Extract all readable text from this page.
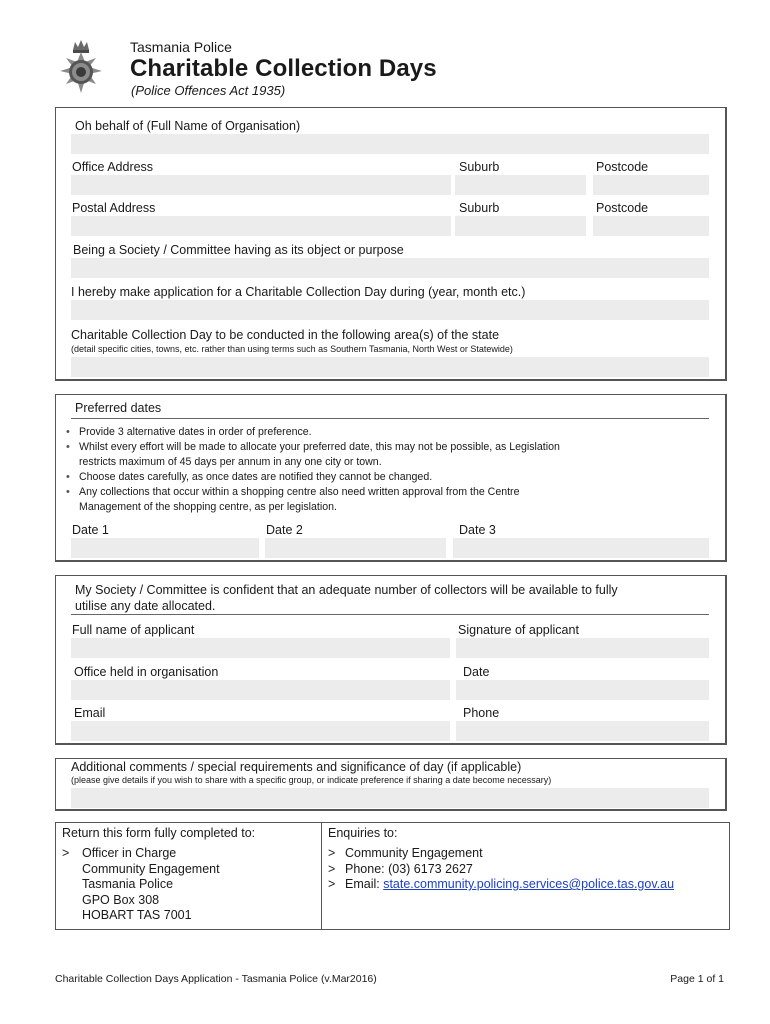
Tasmania Police
Charitable Collection Days
(Police Offences Act 1935)
Oh behalf of (Full Name of Organisation)
Office Address	Suburb	Postcode
Postal Address	Suburb	Postcode
Being a Society / Committee having as its object or purpose
I hereby make application for a Charitable Collection Day during (year, month etc.)
Charitable Collection Day to be conducted in the following area(s) of the state
(detail specific cities, towns, etc. rather than using terms such as Southern Tasmania, North West or Statewide)
Preferred dates
• Provide 3 alternative dates in order of preference.
• Whilst every effort will be made to allocate your preferred date, this may not be possible, as Legislation
restricts maximum of 45 days per annum in any one city or town.
• Choose dates carefully, as once dates are notified they cannot be changed.
• Any collections that occur within a shopping centre also need written approval from the Centre
Management of the shopping centre, as per legislation.
Date 1	Date 2	Date 3
My Society / Committee is confident that an adequate number of collectors will be available to fully
utilise any date allocated.
Full name of applicant	Signature of applicant
Office held in organisation	Date
Email	Phone
Additional comments / special requirements and significance of day (if applicable)
(please give details if you wish to share with a specific group, or indicate preference if sharing a date become necessary)
Return this form fully completed to:
> Officer in Charge
Community Engagement
Tasmania Police
GPO Box 308
HOBART TAS 7001
Enquiries to:
> Community Engagement
> Phone: (03) 6173 2627
> Email: state.community.policing.services@police.tas.gov.au
Charitable Collection Days Application - Tasmania Police (v.Mar2016)	Page 1 of 1
